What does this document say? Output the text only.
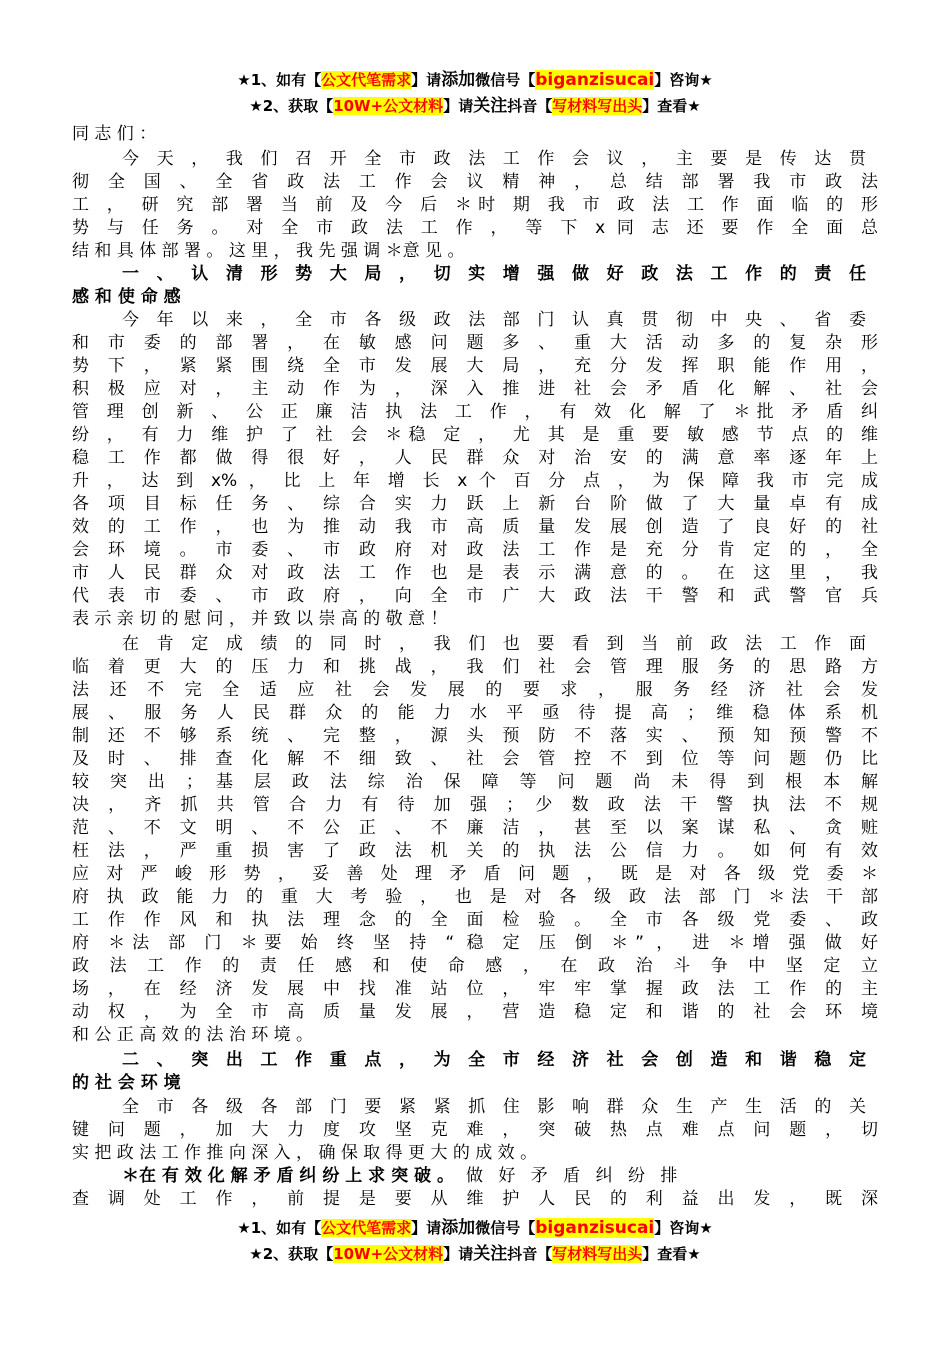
★1、如有【公文代笔需求】请添加微信号【biganzisucai】咨询★
★2、获取【10W+公文材料】请关注抖音【写材料写出头】查看★
同 志 们 ：
今 天 ， 我 们 召 开 全 市 政 法 工 作 会 议 ， 主 要 是 传 达 贯
彻 全 国 、 全 省 政 法 工 作 会 议 精 神 ， 总 结 部 署 我 市 政 法
工 ， 研 究 部 署 当 前 及 今 后 ＊时 期 我 市 政 法 工 作 面 临 的 形
势 与 任 务 。 对 全 市 政 法 工 作 ， 等 下 x 同 志 还 要 作 全 面 总
结 和 具 体 部 署 。 这 里 ， 我 先 强 调 ＊意 见 。
一 、 认 清 形 势 大 局 ， 切 实 增 强 做 好 政 法 工 作 的 责 任
感 和 使 命 感
今 年 以 来 ， 全 市 各 级 政 法 部 门 认 真 贯 彻 中 央 、 省 委
和 市 委 的 部 署 ， 在 敏 感 问 题 多 、 重 大 活 动 多 的 复 杂 形
势 下 ， 紧 紧 围 绕 全 市 发 展 大 局 ， 充 分 发 挥 职 能 作 用 ，
积 极 应 对 ， 主 动 作 为 ， 深 入 推 进 社 会 矛 盾 化 解 、 社 会
管 理 创 新 、 公 正 廉 洁 执 法 工 作 ， 有 效 化 解 了 ＊批 矛 盾 纠
纷 ， 有 力 维 护 了 社 会 ＊稳 定 ， 尤 其 是 重 要 敏 感 节 点 的 维
稳 工 作 都 做 得 很 好 ， 人 民 群 众 对 治 安 的 满 意 率 逐 年 上
升 ， 达 到 x% ， 比 上 年 增 长 x 个 百 分 点 ， 为 保 障 我 市 完 成
各 项 目 标 任 务 、 综 合 实 力 跃 上 新 台 阶 做 了 大 量 卓 有 成
效 的 工 作 ， 也 为 推 动 我 市 高 质 量 发 展 创 造 了 良 好 的 社
会 环 境 。 市 委 、 市 政 府 对 政 法 工 作 是 充 分 肯 定 的 ， 全
市 人 民 群 众 对 政 法 工 作 也 是 表 示 满 意 的 。 在 这 里 ， 我
代 表 市 委 、 市 政 府 ， 向 全 市 广 大 政 法 干 警 和 武 警 官 兵
表 示 亲 切 的 慰 问 ， 并 致 以 崇 高 的 敬 意 ！
在 肯 定 成 绩 的 同 时 ， 我 们 也 要 看 到 当 前 政 法 工 作 面
临 着 更 大 的 压 力 和 挑 战 ， 我 们 社 会 管 理 服 务 的 思 路 方
法 还 不 完 全 适 应 社 会 发 展 的 要 求 ， 服 务 经 济 社 会 发
展 、 服 务 人 民 群 众 的 能 力 水 平 亟 待 提 高 ； 维 稳 体 系 机
制 还 不 够 系 统 、 完 整 ， 源 头 预 防 不 落 实 、 预 知 预 警 不
及 时 、 排 查 化 解 不 细 致 、 社 会 管 控 不 到 位 等 问 题 仍 比
较 突 出 ； 基 层 政 法 综 治 保 障 等 问 题 尚 未 得 到 根 本 解
决 ， 齐 抓 共 管 合 力 有 待 加 强 ； 少 数 政 法 干 警 执 法 不 规
范 、 不 文 明 、 不 公 正 、 不 廉 洁 ， 甚 至 以 案 谋 私 、 贪 赃
枉 法 ， 严 重 损 害 了 政 法 机 关 的 执 法 公 信 力 。 如 何 有 效
应 对 严 峻 形 势 ， 妥 善 处 理 矛 盾 问 题 ， 既 是 对 各 级 党 委 ＊
府 执 政 能 力 的 重 大 考 验 ， 也 是 对 各 级 政 法 部 门 ＊法 干 部
工 作 作 风 和 执 法 理 念 的 全 面 检 验 。 全 市 各 级 党 委 、 政
府 ＊法 部 门 ＊要 始 终 坚 持 “ 稳 定 压 倒 ＊” ， 进 ＊增 强 做 好
政 法 工 作 的 责 任 感 和 使 命 感 ， 在 政 治 斗 争 中 坚 定 立
场 ， 在 经 济 发 展 中 找 准 站 位 ， 牢 牢 掌 握 政 法 工 作 的 主
动 权 ， 为 全 市 高 质 量 发 展 ， 营 造 稳 定 和 谐 的 社 会 环 境
和 公 正 高 效 的 法 治 环 境 。
二 、 突 出 工 作 重 点 ， 为 全 市 经 济 社 会 创 造 和 谐 稳 定
的 社 会 环 境
全 市 各 级 各 部 门 要 紧 紧 抓 住 影 响 群 众 生 产 生 活 的 关
键 问 题 ， 加 大 力 度 攻 坚 克 难 ， 突 破 热 点 难 点 问 题 ， 切
实 把 政 法 工 作 推 向 深 入 ， 确 保 取 得 更 大 的 成 效 。
＊在 有 效 化 解 矛 盾 纠 纷 上 求 突 破 。 做 好 矛 盾 纠 纷 排
查 调 处 工 作 ， 前 提 是 要 从 维 护 人 民 的 利 益 出 发 ， 既 深
★1、如有【公文代笔需求】请添加微信号【biganzisucai】咨询★
★2、获取【10W+公文材料】请关注抖音【写材料写出头】查看★
